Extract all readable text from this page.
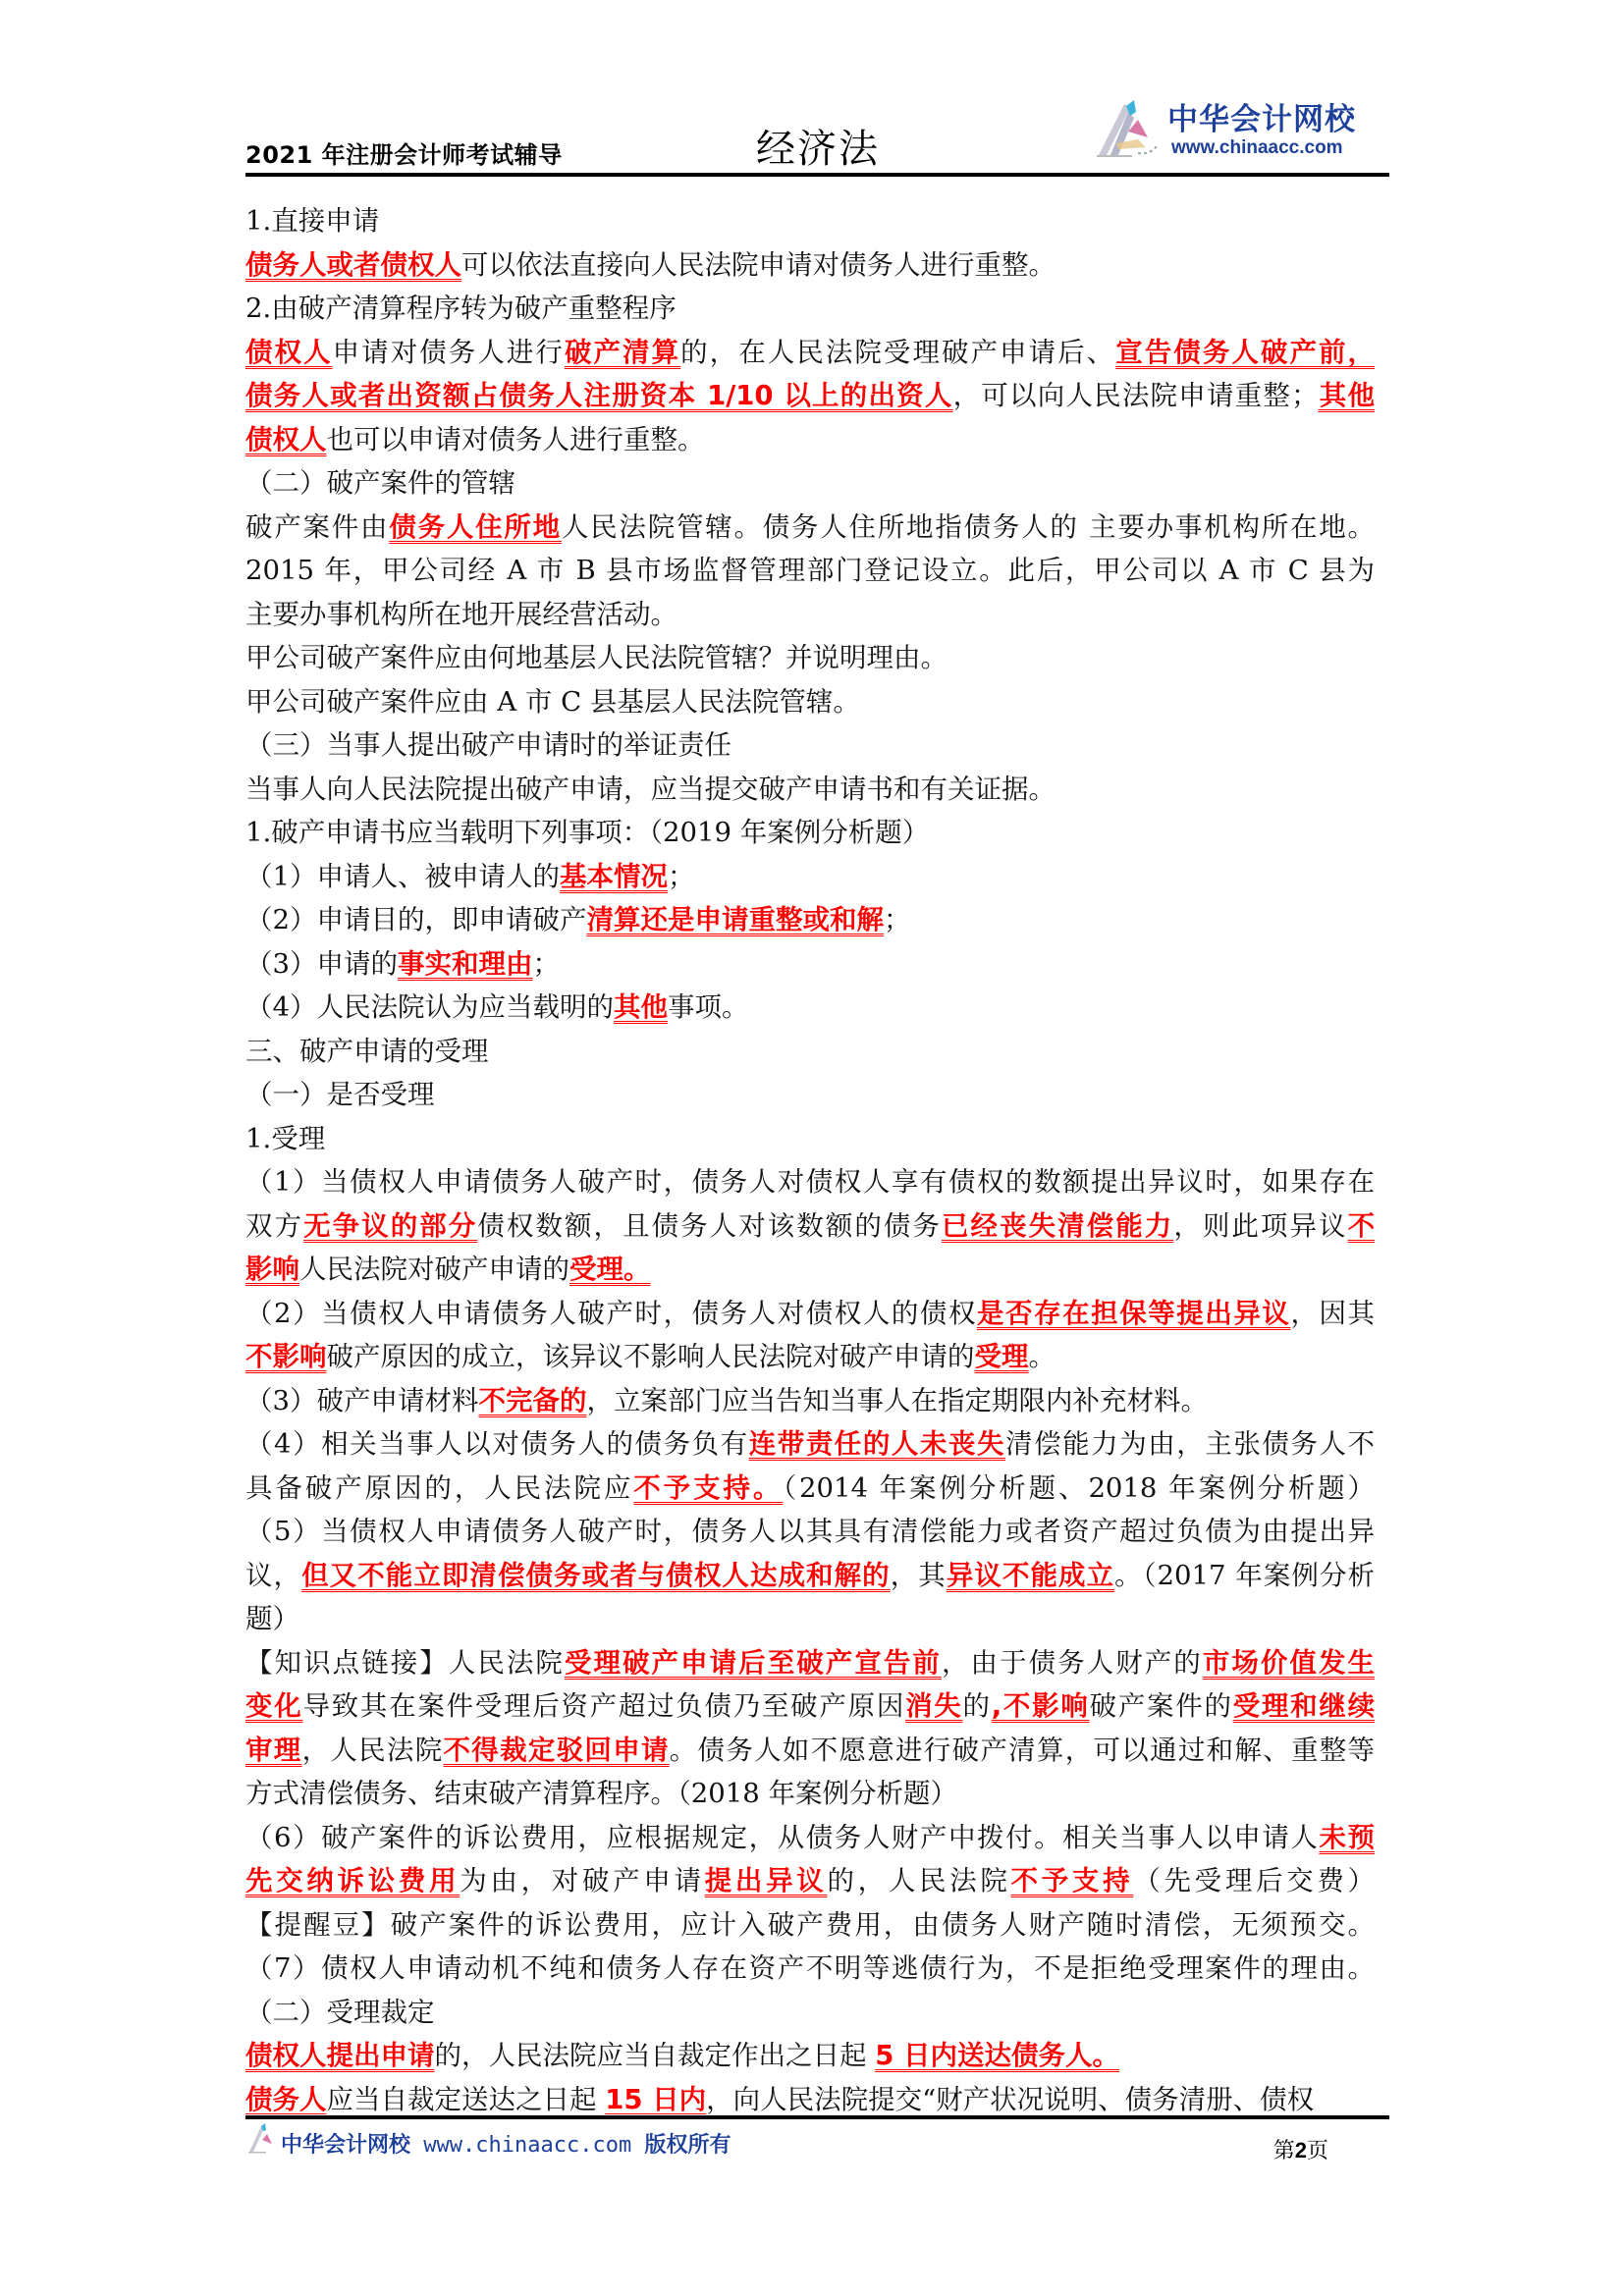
2021 年注册会计师考试辅导	经济法
中华会计网校
www.chinaacc.com
1.直接申请
债务人或者债权人可以依法直接向人民法院申请对债务人进行重整。
2.由破产清算程序转为破产重整程序
债权人申请对债务人进行破产清算的，在人民法院受理破产申请后、宣告债务人破产前，
债务人或者出资额占债务人注册资本 1/10 以上的出资人，可以向人民法院申请重整；其他
债权人也可以申请对债务人进行重整。
（二）破产案件的管辖
破产案件由债务人住所地人民法院管辖。债务人住所地指债务人的 主要办事机构所在地。
2015 年，甲公司经 A 市 B 县市场监督管理部门登记设立。此后，甲公司以 A 市 C 县为
主要办事机构所在地开展经营活动。
甲公司破产案件应由何地基层人民法院管辖？并说明理由。
甲公司破产案件应由 A 市 C 县基层人民法院管辖。
（三）当事人提出破产申请时的举证责任
当事人向人民法院提出破产申请，应当提交破产申请书和有关证据。
1.破产申请书应当载明下列事项：（2019 年案例分析题）
（1）申请人、被申请人的基本情况；
（2）申请目的，即申请破产清算还是申请重整或和解；
（3）申请的事实和理由；
（4）人民法院认为应当载明的其他事项。
三、破产申请的受理
（一）是否受理
1.受理
（1）当债权人申请债务人破产时，债务人对债权人享有债权的数额提出异议时，如果存在
双方无争议的部分债权数额，且债务人对该数额的债务已经丧失清偿能力，则此项异议不
影响人民法院对破产申请的受理。
（2）当债权人申请债务人破产时，债务人对债权人的债权是否存在担保等提出异议，因其
不影响破产原因的成立，该异议不影响人民法院对破产申请的受理。
（3）破产申请材料不完备的，立案部门应当告知当事人在指定期限内补充材料。
（4）相关当事人以对债务人的债务负有连带责任的人未丧失清偿能力为由，主张债务人不
具备破产原因的，人民法院应不予支持。（2014 年案例分析题、2018 年案例分析题）
（5）当债权人申请债务人破产时，债务人以其具有清偿能力或者资产超过负债为由提出异
议，但又不能立即清偿债务或者与债权人达成和解的，其异议不能成立。（2017 年案例分析
题）
【知识点链接】人民法院受理破产申请后至破产宣告前，由于债务人财产的市场价值发生
变化导致其在案件受理后资产超过负债乃至破产原因消失的,不影响破产案件的受理和继续
审理，人民法院不得裁定驳回申请。债务人如不愿意进行破产清算，可以通过和解、重整等
方式清偿债务、结束破产清算程序。（2018 年案例分析题）
（6）破产案件的诉讼费用，应根据规定，从债务人财产中拨付。相关当事人以申请人未预
先交纳诉讼费用为由，对破产申请提出异议的，人民法院不予支持（先受理后交费）
【提醒豆】破产案件的诉讼费用，应计入破产费用，由债务人财产随时清偿，无须预交。
（7）债权人申请动机不纯和债务人存在资产不明等逃债行为，不是拒绝受理案件的理由。
（二）受理裁定
债权人提出申请的，人民法院应当自裁定作出之日起 5 日内送达债务人。
债务人应当自裁定送达之日起 15 日内，向人民法院提交“财产状况说明、债务清册、债权
中华会计网校 www.chinaacc.com 版权所有	第2页
